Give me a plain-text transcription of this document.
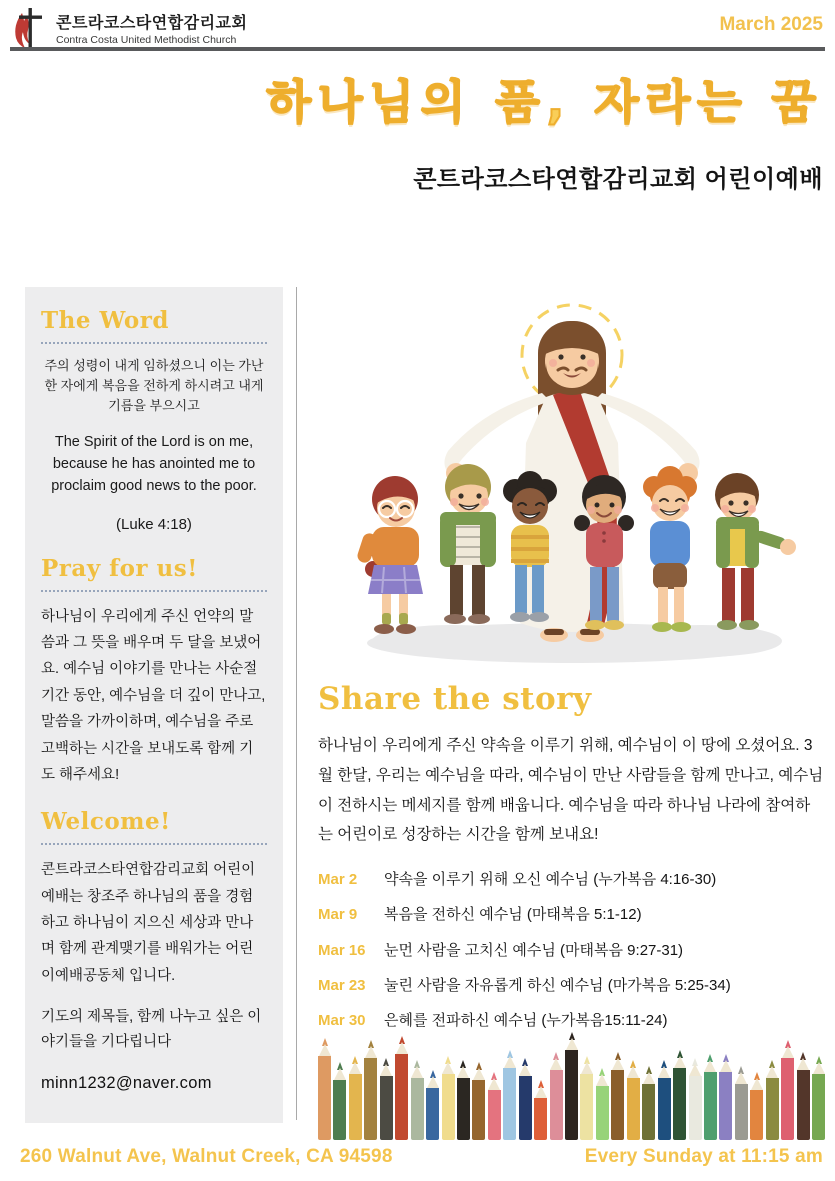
콘트라코스타연합감리교회
Contra Costa United Methodist Church
March 2025
하나님의 품, 자라는 꿈
콘트라코스타연합감리교회 어린이예배
The Word

주의 성령이 내게 임하셨으니 이는 가난한 자에게 복음을 전하게 하시려고 내게 기름을 부으시고

The Spirit of the Lord is on me, because he has anointed me to proclaim good news to the poor.

(Luke 4:18)

Pray for us!

하나님이 우리에게 주신 언약의 말씀과 그 뜻을 배우며 두 달을 보냈어요. 예수님 이야기를 만나는 사순절 기간 동안, 예수님을 더 깊이 만나고, 말씀을 가까이하며, 예수님을 주로 고백하는 시간을 보내도록 함께 기도 해주세요!

Welcome!

콘트라코스타연합감리교회 어린이예배는 창조주 하나님의 품을 경험하고 하나님이 지으신 세상과 만나며 함께 관계맺기를 배워가는 어린이예배공동체 입니다.

기도의 제목들, 함께 나누고 싶은 이야기들을 기다립니다

minn1232@naver.com
Share the story

하나님이 우리에게 주신 약속을 이루기 위해, 예수님이 이 땅에 오셨어요. 3월 한달, 우리는 예수님을 따라, 예수님이 만난 사람들을 함께 만나고, 예수님이 전하시는 메세지를 함께 배웁니다. 예수님을 따라 하나님 나라에 참여하는 어린이로 성장하는 시간을 함께 보내요!

Mar 2	약속을 이루기 위해 오신 예수님 (누가복음 4:16-30)
Mar 9	복음을 전하신 예수님 (마태복음 5:1-12)
Mar 16	눈먼 사람을 고치신 예수님 (마태복음 9:27-31)
Mar 23	눌린 사람을 자유롭게 하신 예수님 (마가복음 5:25-34)
Mar 30	은혜를 전파하신 예수님 (누가복음15:11-24)
260 Walnut Ave, Walnut Creek, CA 94598	Every Sunday at 11:15 am
